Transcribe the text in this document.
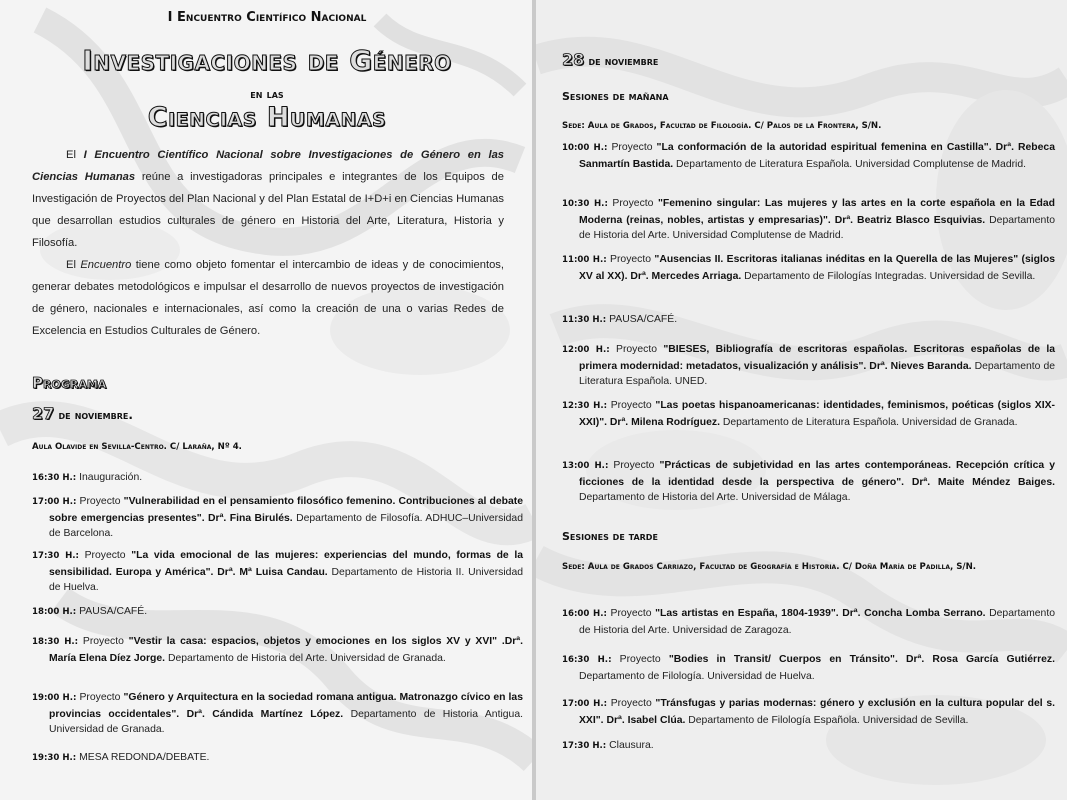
I Encuentro Científico Nacional
Investigaciones de Género
en las
Ciencias Humanas

El I Encuentro Científico Nacional sobre Investigaciones de Género en las Ciencias Humanas reúne a investigadoras principales e integrantes de los Equipos de Investigación de Proyectos del Plan Nacional y del Plan Estatal de I+D+i en Ciencias Humanas que desarrollan estudios culturales de género en Historia del Arte, Literatura, Historia y Filosofía.

El Encuentro tiene como objeto fomentar el intercambio de ideas y de conocimientos, generar debates metodológicos e impulsar el desarrollo de nuevos proyectos de investigación de género, nacionales e internacionales, así como la creación de una o varias Redes de Excelencia en Estudios Culturales de Género.

Programa
27 de noviembre.
Aula Olavide en Sevilla-Centro. C/ Laraña, Nº 4.
16:30 H.: Inauguración.
17:00 H.: Proyecto "Vulnerabilidad en el pensamiento filosófico femenino. Contribuciones al debate sobre emergencias presentes". Drª. Fina Birulés. Departamento de Filosofía. ADHUC–Universidad de Barcelona.
17:30 H.: Proyecto "La vida emocional de las mujeres: experiencias del mundo, formas de la sensibilidad. Europa y América". Drª. Mª Luisa Candau. Departamento de Historia II. Universidad de Huelva.
18:00 H.: PAUSA/CAFÉ.
18:30 H.: Proyecto "Vestir la casa: espacios, objetos y emociones en los siglos XV y XVI" .Drª. María Elena Díez Jorge. Departamento de Historia del Arte. Universidad de Granada.
19:00 H.: Proyecto "Género y Arquitectura en la sociedad romana antigua. Matronazgo cívico en las provincias occidentales". Drª. Cándida Martínez López. Departamento de Historia Antigua. Universidad de Granada.
19:30 H.: MESA REDONDA/DEBATE.
28 de noviembre
Sesiones de mañana
Sede: Aula de Grados, Facultad de Filología. C/ Palos de la Frontera, S/N.
10:00 H.: Proyecto "La conformación de la autoridad espiritual femenina en Castilla". Drª. Rebeca Sanmartín Bastida. Departamento de Literatura Española. Universidad Complutense de Madrid.
10:30 H.: Proyecto "Femenino singular: Las mujeres y las artes en la corte española en la Edad Moderna (reinas, nobles, artistas y empresarias)". Drª. Beatriz Blasco Esquivias. Departamento de Historia del Arte. Universidad Complutense de Madrid.
11:00 H.: Proyecto "Ausencias II. Escritoras italianas inéditas en la Querella de las Mujeres" (siglos XV al XX). Drª. Mercedes Arriaga. Departamento de Filologías Integradas. Universidad de Sevilla.
11:30 H.: PAUSA/CAFÉ.
12:00 H.: Proyecto "BIESES, Bibliografía de escritoras españolas. Escritoras españolas de la primera modernidad: metadatos, visualización y análisis". Drª. Nieves Baranda. Departamento de Literatura Española. UNED.
12:30 H.: Proyecto "Las poetas hispanoamericanas: identidades, feminismos, poéticas (siglos XIX-XXI)". Drª. Milena Rodríguez. Departamento de Literatura Española. Universidad de Granada.
13:00 H.: Proyecto "Prácticas de subjetividad en las artes contemporáneas. Recepción crítica y ficciones de la identidad desde la perspectiva de género". Drª. Maite Méndez Baiges. Departamento de Historia del Arte. Universidad de Málaga.
Sesiones de tarde
Sede: Aula de Grados Carriazo, Facultad de Geografía e Historia. C/ Doña María de Padilla, S/N.
16:00 H.: Proyecto "Las artistas en España, 1804-1939". Drª. Concha Lomba Serrano. Departamento de Historia del Arte. Universidad de Zaragoza.
16:30 H.: Proyecto "Bodies in Transit/ Cuerpos en Tránsito". Drª. Rosa García Gutiérrez. Departamento de Filología. Universidad de Huelva.
17:00 H.: Proyecto "Tránsfugas y parias modernas: género y exclusión en la cultura popular del s. XXI". Drª. Isabel Clúa. Departamento de Filología Española. Universidad de Sevilla.
17:30 H.: Clausura.
